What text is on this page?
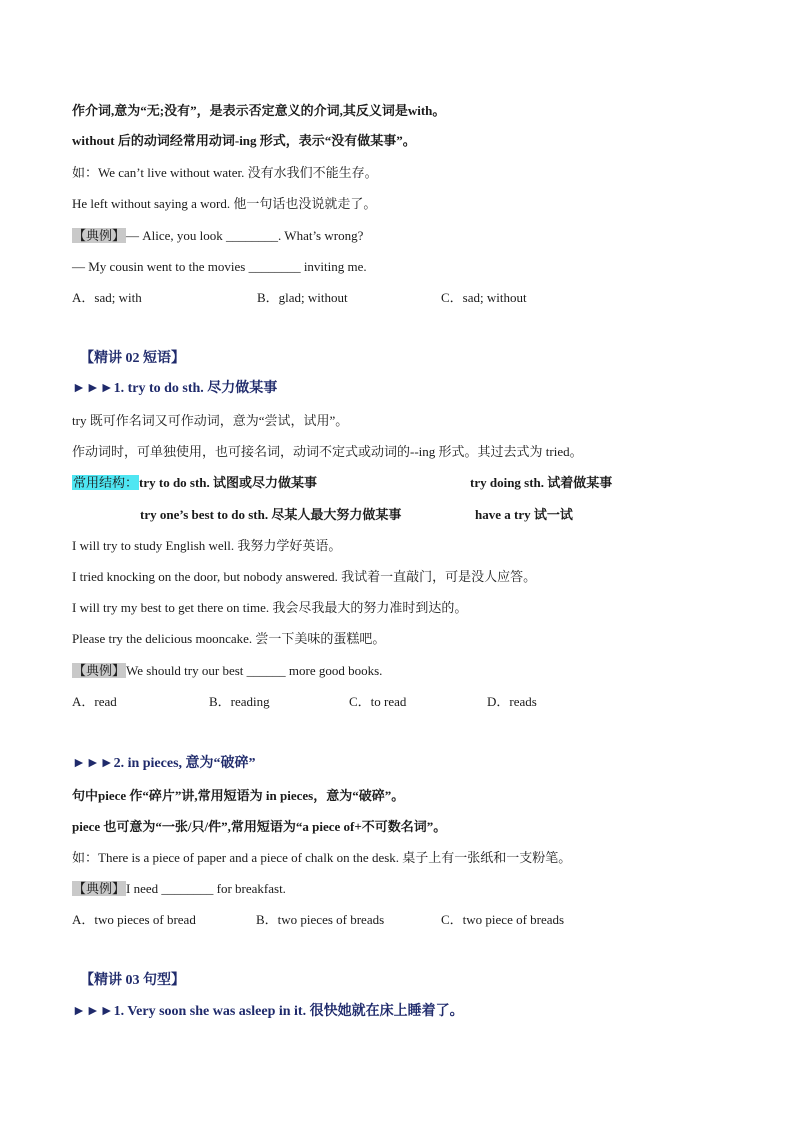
作介词,意为“无;没有”，是表示否定意义的介词,其反义词是with。
without 后的动词经常用动词-ing 形式，表示“没有做某事”。
如：We can’t live without water. 没有水我们不能生存。
He left without saying a word. 他一句话也没说就走了。
【典例】— Alice, you look ________. What’s wrong?
— My cousin went to the movies ________ inviting me.
A．sad; with	B．glad; without	C．sad; without
【精讲 02 短语】
►►►1. try to do sth. 尽力做某事
try 既可作名词又可作动词，意为“尝试，试用”。
作动词时，可单独使用，也可接名词，动词不定式或动词的--ing 形式。其过去式为 tried。
常用结构：try to do sth. 试图或尽力做某事	try doing sth. 试着做某事
try one’s best to do sth. 尽某人最大努力做某事	have a try 试一试
I will try to study English well. 我努力学好英语。
I tried knocking on the door, but nobody answered. 我试着一直敲门，可是没人应答。
I will try my best to get there on time. 我会尽我最大的努力准时到达的。
Please try the delicious mooncake. 尝一下美味的蛋糕吧。
【典例】We should try our best ______ more good books.
A．read	B．reading	C．to read	D．reads
►►►2. in pieces, 意为“破碎”
句中piece 作“碎片”讲,常用短语为 in pieces，意为“破碎”。
piece 也可意为“一张/只/件”,常用短语为“a piece of+不可数名词”。
如：There is a piece of paper and a piece of chalk on the desk. 桌子上有一张纸和一支粉笔。
【典例】I need ________ for breakfast.
A．two pieces of bread	B．two pieces of breads	C．two piece of breads
【精讲 03 句型】
►►►1. Very soon she was asleep in it. 很快她就在床上睡着了。
